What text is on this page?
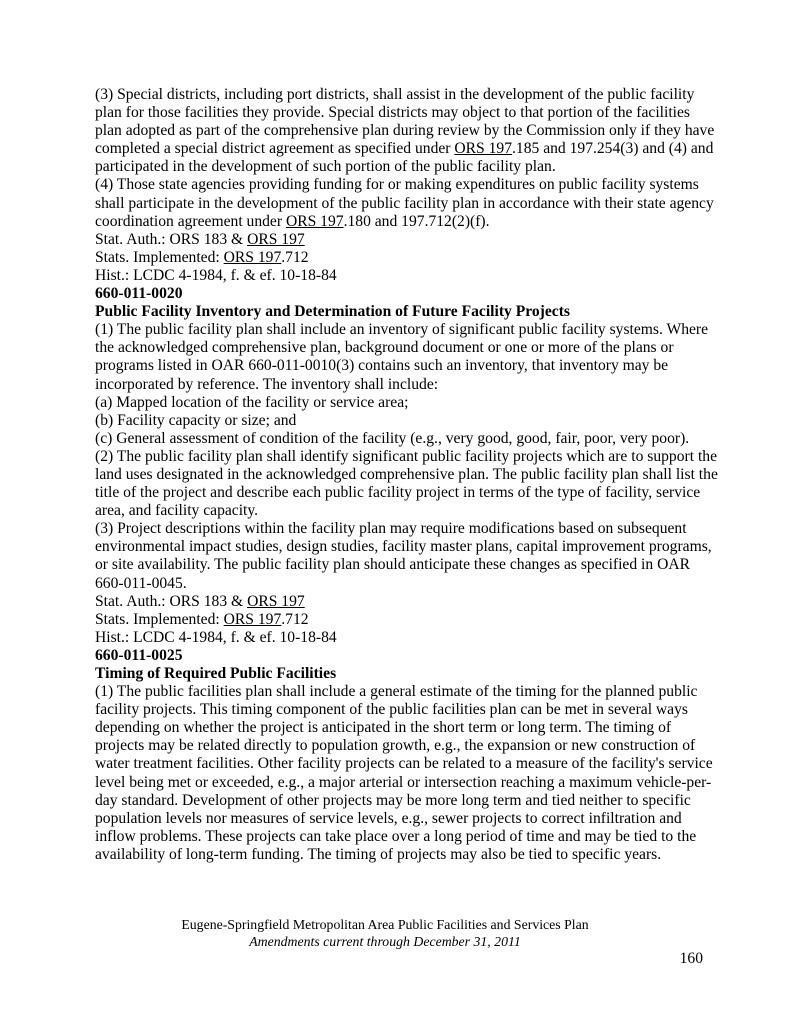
(3) Special districts, including port districts, shall assist in the development of the public facility plan for those facilities they provide. Special districts may object to that portion of the facilities plan adopted as part of the comprehensive plan during review by the Commission only if they have completed a special district agreement as specified under ORS 197.185 and 197.254(3) and (4) and participated in the development of such portion of the public facility plan.

(4) Those state agencies providing funding for or making expenditures on public facility systems shall participate in the development of the public facility plan in accordance with their state agency coordination agreement under ORS 197.180 and 197.712(2)(f).

Stat. Auth.: ORS 183 & ORS 197

Stats. Implemented: ORS 197.712

Hist.: LCDC 4-1984, f. & ef. 10-18-84

660-011-0020

Public Facility Inventory and Determination of Future Facility Projects

(1) The public facility plan shall include an inventory of significant public facility systems. Where the acknowledged comprehensive plan, background document or one or more of the plans or programs listed in OAR 660-011-0010(3) contains such an inventory, that inventory may be incorporated by reference. The inventory shall include:

(a) Mapped location of the facility or service area;

(b) Facility capacity or size; and

(c) General assessment of condition of the facility (e.g., very good, good, fair, poor, very poor).

(2) The public facility plan shall identify significant public facility projects which are to support the land uses designated in the acknowledged comprehensive plan. The public facility plan shall list the title of the project and describe each public facility project in terms of the type of facility, service area, and facility capacity.

(3) Project descriptions within the facility plan may require modifications based on subsequent environmental impact studies, design studies, facility master plans, capital improvement programs, or site availability. The public facility plan should anticipate these changes as specified in OAR 660-011-0045.

Stat. Auth.: ORS 183 & ORS 197

Stats. Implemented: ORS 197.712

Hist.: LCDC 4-1984, f. & ef. 10-18-84

660-011-0025

Timing of Required Public Facilities

(1) The public facilities plan shall include a general estimate of the timing for the planned public facility projects. This timing component of the public facilities plan can be met in several ways depending on whether the project is anticipated in the short term or long term. The timing of projects may be related directly to population growth, e.g., the expansion or new construction of water treatment facilities. Other facility projects can be related to a measure of the facility's service level being met or exceeded, e.g., a major arterial or intersection reaching a maximum vehicle-per-day standard. Development of other projects may be more long term and tied neither to specific population levels nor measures of service levels, e.g., sewer projects to correct infiltration and inflow problems. These projects can take place over a long period of time and may be tied to the availability of long-term funding. The timing of projects may also be tied to specific years.

Eugene-Springfield Metropolitan Area Public Facilities and Services Plan
Amendments current through December 31, 2011
160
